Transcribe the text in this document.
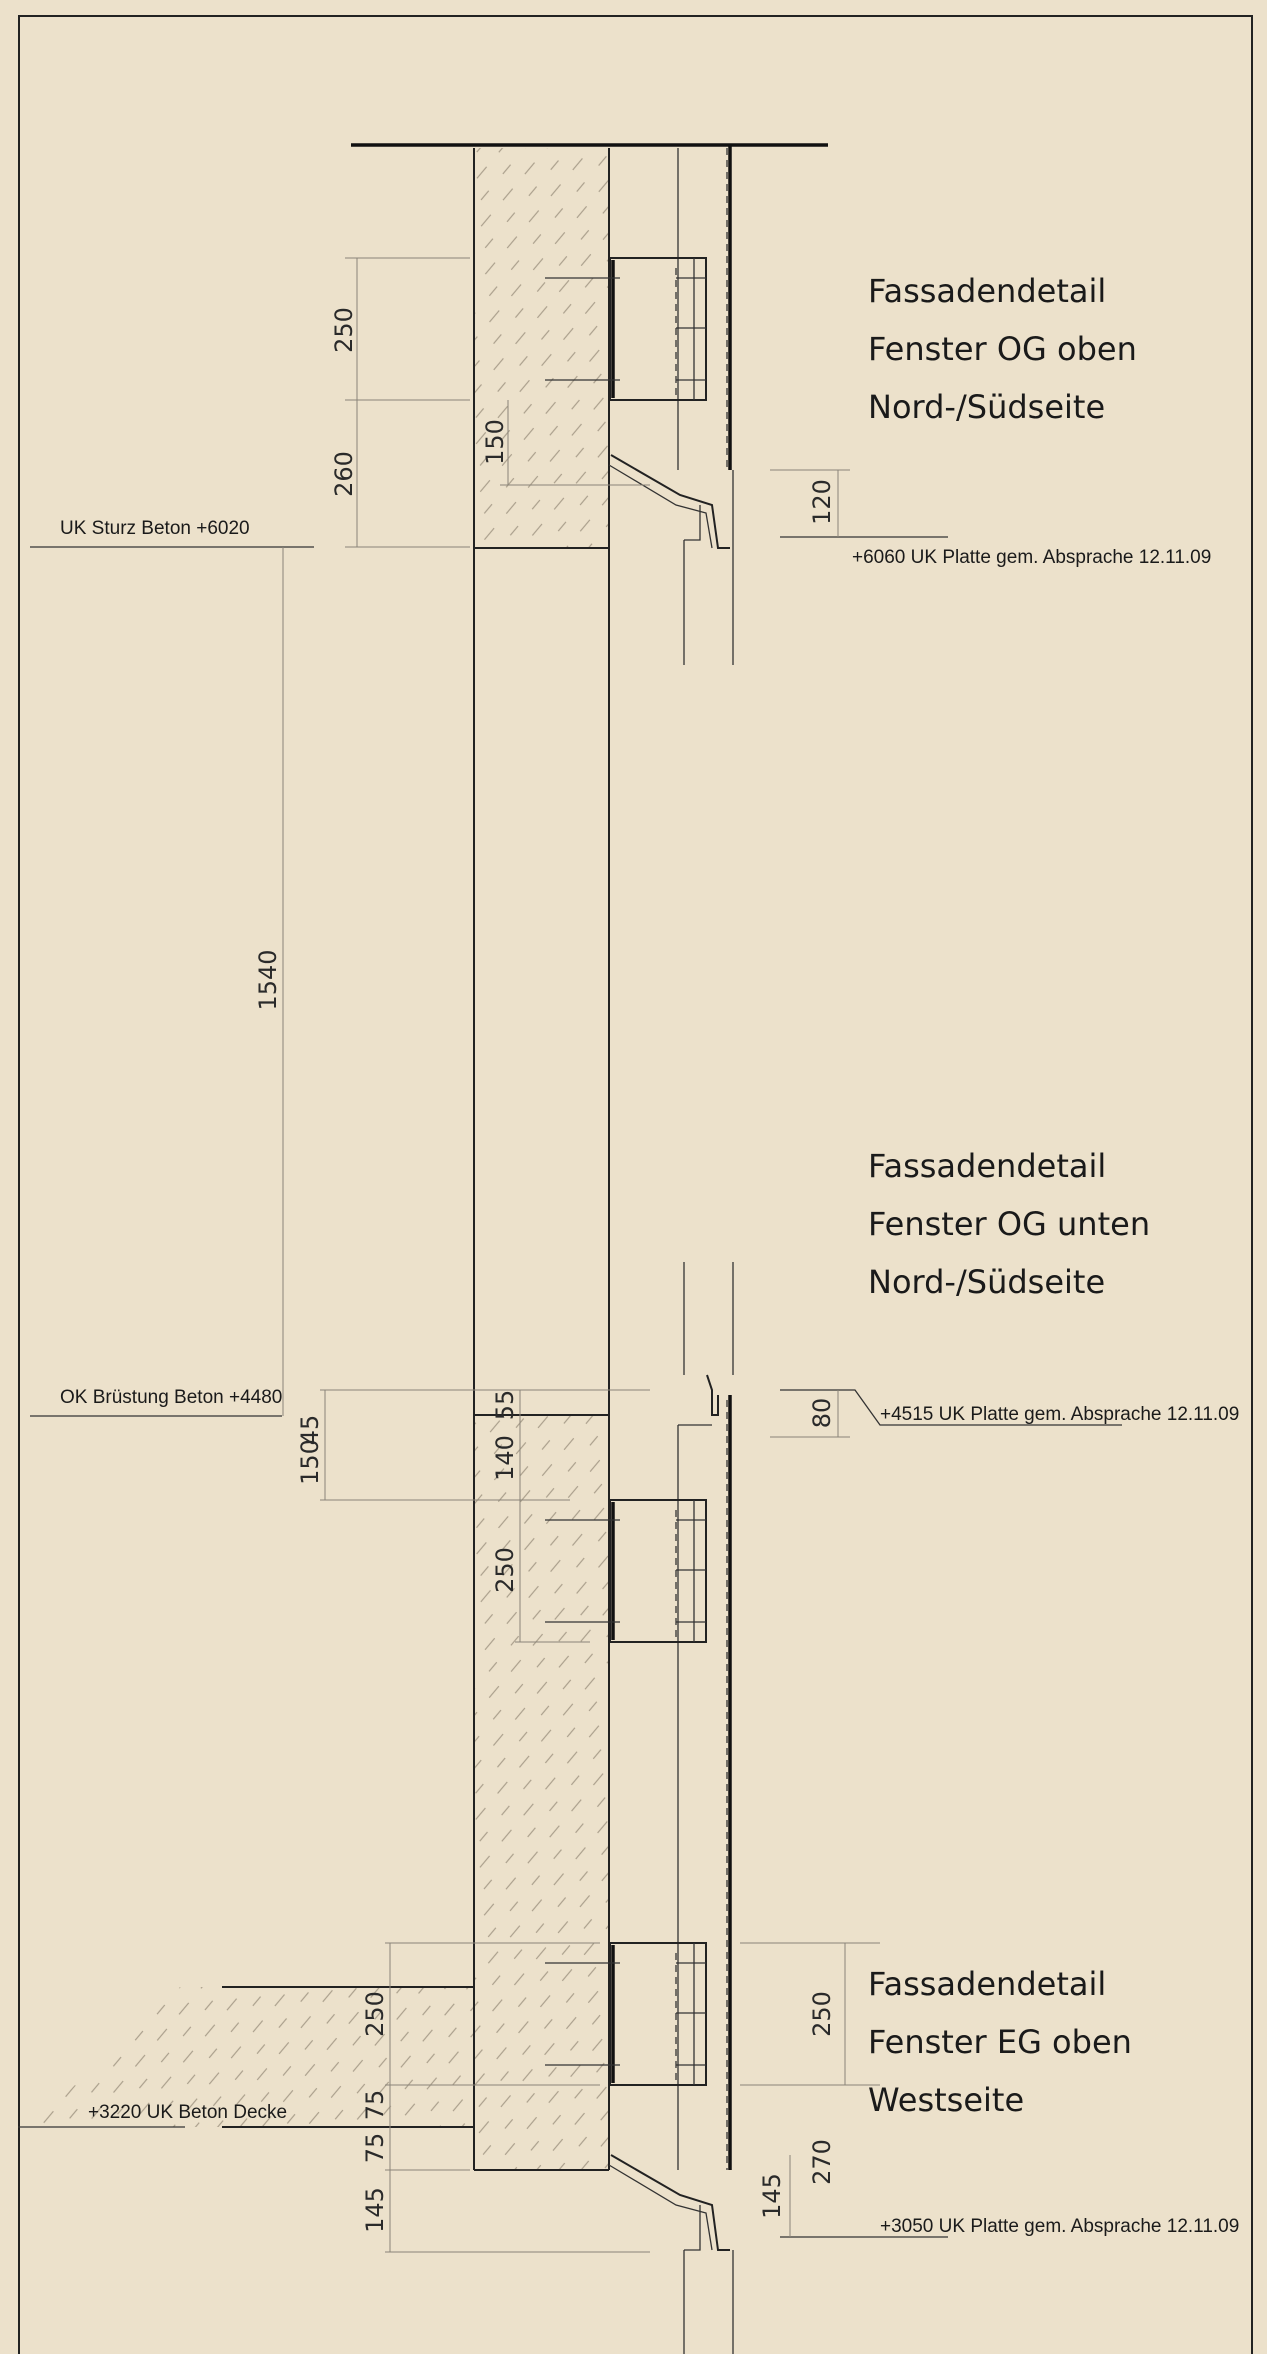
Fassadendetail
Fenster OG oben
Nord-/Südseite
Fassadendetail
Fenster OG unten
Nord-/Südseite
Fassadendetail
Fenster EG oben
Westseite
UK Sturz Beton +6020
OK Brüstung Beton +4480
+3220 UK Beton Decke
+6060 UK Platte gem. Absprache 12.11.09
+4515 UK Platte gem. Absprache 12.11.09
+3050 UK Platte gem. Absprache 12.11.09
250
260
150
120
1540
150
45
55
140
250
80
250
75
75
145
250
270
145
